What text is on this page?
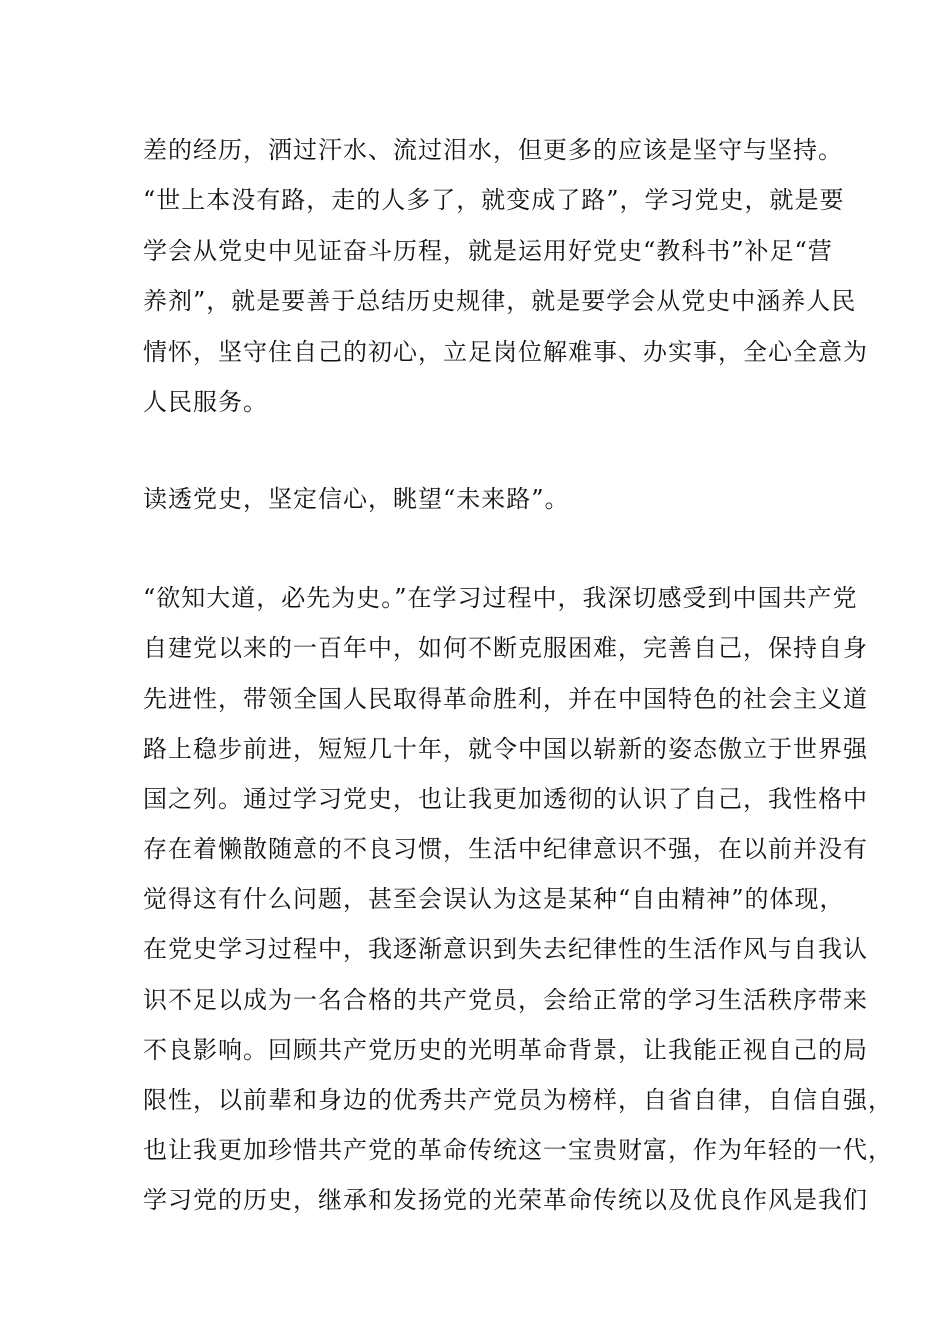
差的经历，洒过汗水、流过泪水，但更多的应该是坚守与坚持。
“世上本没有路，走的人多了，就变成了路”，学习党史，就是要
学会从党史中见证奋斗历程，就是运用好党史“教科书”补足“营
养剂”，就是要善于总结历史规律，就是要学会从党史中涵养人民
情怀，坚守住自己的初心，立足岗位解难事、办实事，全心全意为
人民服务。
读透党史，坚定信心，眺望“未来路”。
“欲知大道，必先为史。”在学习过程中，我深切感受到中国共产党
自建党以来的一百年中，如何不断克服困难，完善自己，保持自身
先进性，带领全国人民取得革命胜利，并在中国特色的社会主义道
路上稳步前进，短短几十年，就令中国以崭新的姿态傲立于世界强
国之列。通过学习党史，也让我更加透彻的认识了自己，我性格中
存在着懒散随意的不良习惯，生活中纪律意识不强，在以前并没有
觉得这有什么问题，甚至会误认为这是某种“自由精神”的体现，
在党史学习过程中，我逐渐意识到失去纪律性的生活作风与自我认
识不足以成为一名合格的共产党员，会给正常的学习生活秩序带来
不良影响。回顾共产党历史的光明革命背景，让我能正视自己的局
限性，以前辈和身边的优秀共产党员为榜样，自省自律，自信自强，
也让我更加珍惜共产党的革命传统这一宝贵财富，作为年轻的一代，
学习党的历史，继承和发扬党的光荣革命传统以及优良作风是我们
